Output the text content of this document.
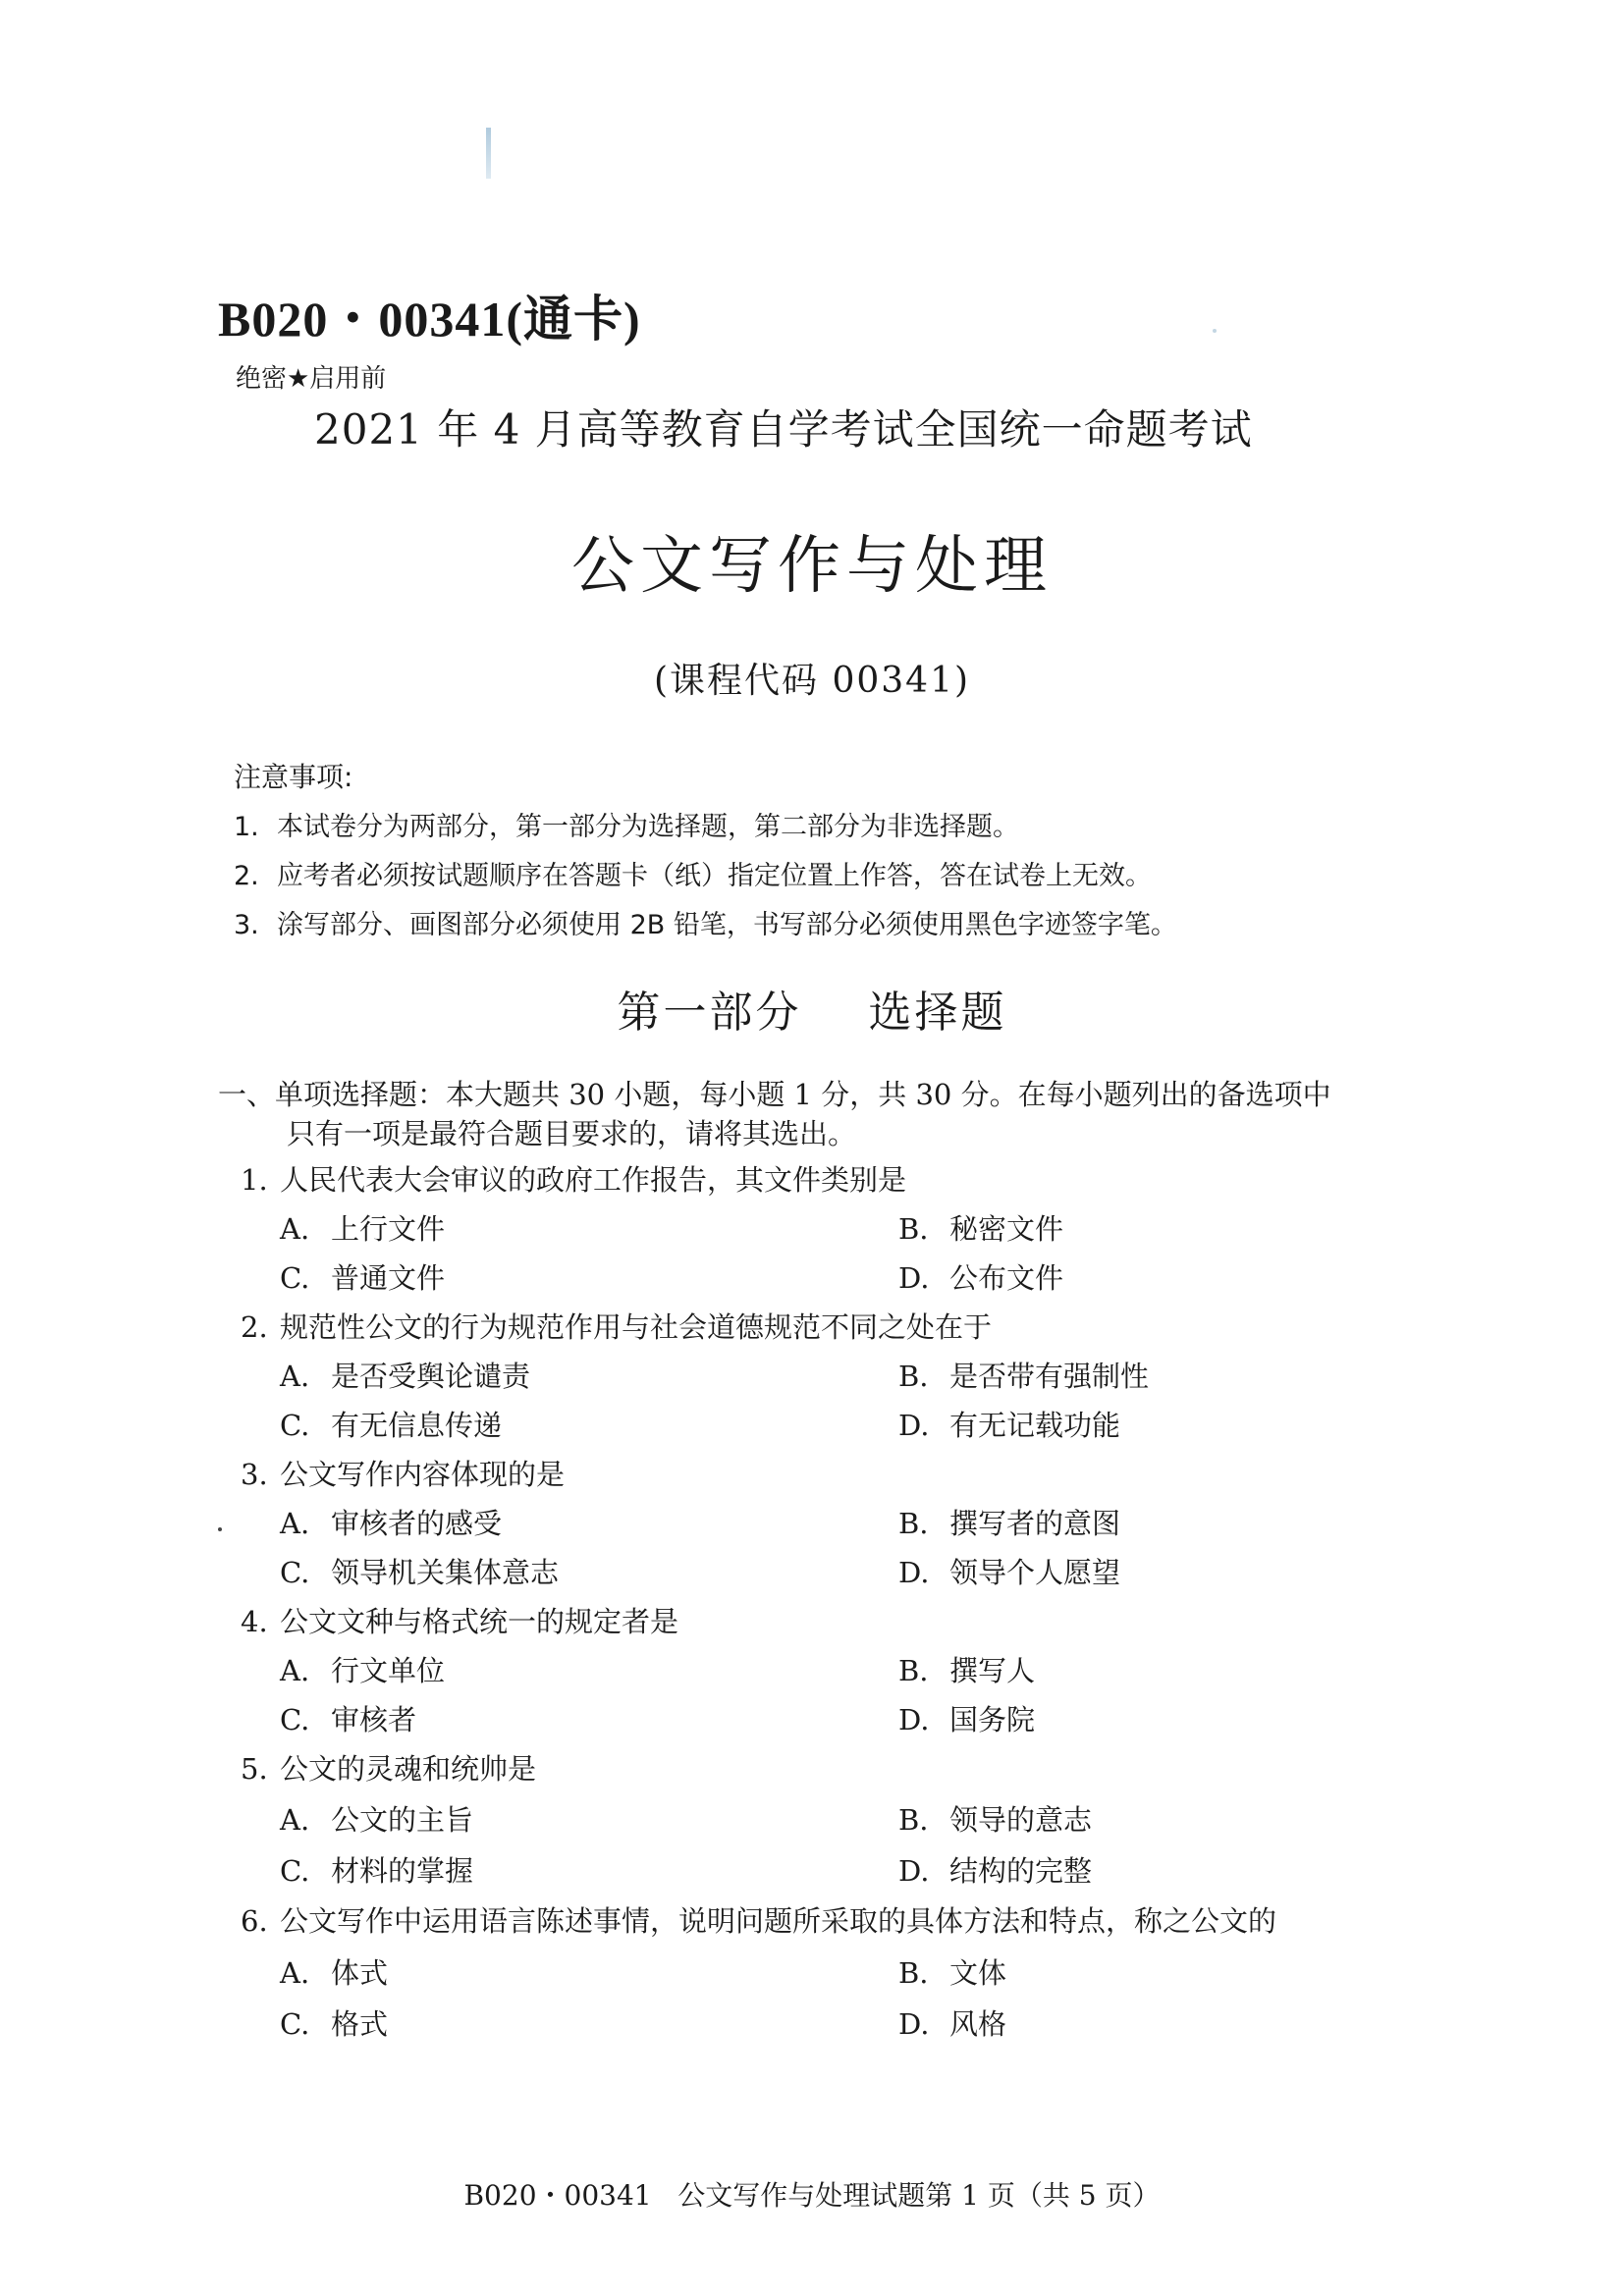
B020・00341(通卡)
绝密★启用前
2021 年 4 月高等教育自学考试全国统一命题考试
公文写作与处理
(课程代码 00341)
注意事项:
1. 本试卷分为两部分，第一部分为选择题，第二部分为非选择题。
2. 应考者必须按试题顺序在答题卡（纸）指定位置上作答，答在试卷上无效。
3. 涂写部分、画图部分必须使用 2B 铅笔，书写部分必须使用黑色字迹签字笔。
第一部分    选择题
一、单项选择题：本大题共 30 小题，每小题 1 分，共 30 分。在每小题列出的备选项中
只有一项是最符合题目要求的，请将其选出。
1. 人民代表大会审议的政府工作报告，其文件类别是
A. 上行文件	B. 秘密文件
C. 普通文件	D. 公布文件
2. 规范性公文的行为规范作用与社会道德规范不同之处在于
A. 是否受舆论谴责	B. 是否带有强制性
C. 有无信息传递	D. 有无记载功能
3. 公文写作内容体现的是
A. 审核者的感受	B. 撰写者的意图
C. 领导机关集体意志	D. 领导个人愿望
4. 公文文种与格式统一的规定者是
A. 行文单位	B. 撰写人
C. 审核者	D. 国务院
5. 公文的灵魂和统帅是
A. 公文的主旨	B. 领导的意志
C. 材料的掌握	D. 结构的完整
6. 公文写作中运用语言陈述事情，说明问题所采取的具体方法和特点，称之公文的
A. 体式	B. 文体
C. 格式	D. 风格
B020・00341   公文写作与处理试题第 1 页（共 5 页）
